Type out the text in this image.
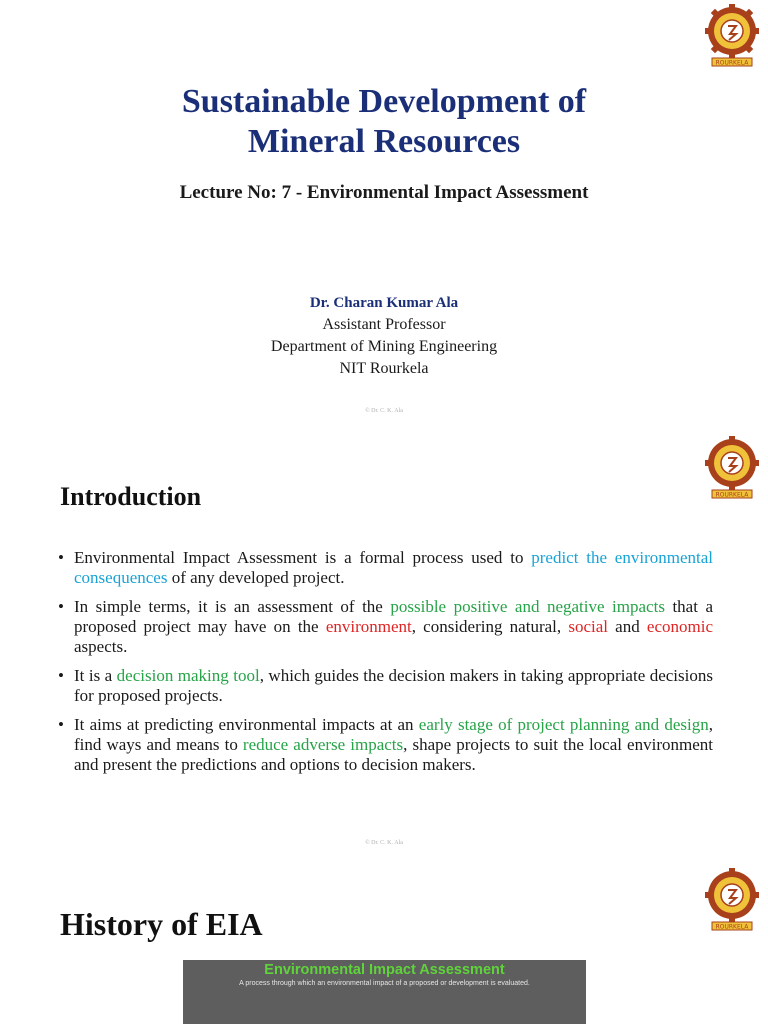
ROURKELA
Sustainable Development of
Mineral Resources
Lecture No: 7 - Environmental Impact Assessment
Dr. Charan Kumar Ala
Assistant Professor
Department of Mining Engineering
NIT Rourkela
© Dr. C. K. Ala
ROURKELA
Introduction
• Environmental Impact Assessment is a formal process used to predict the environmental consequences of any developed project.
• In simple terms, it is an assessment of the possible positive and negative impacts that a proposed project may have on the environment, considering natural, social and economic aspects.
• It is a decision making tool, which guides the decision makers in taking appropriate decisions for proposed projects.
• It aims at predicting environmental impacts at an early stage of project planning and design, find ways and means to reduce adverse impacts, shape projects to suit the local environment and present the predictions and options to decision makers.
© Dr. C. K. Ala
ROURKELA
History of EIA
Environmental Impact Assessment
A process through which an environmental impact of a proposed or development is evaluated.
